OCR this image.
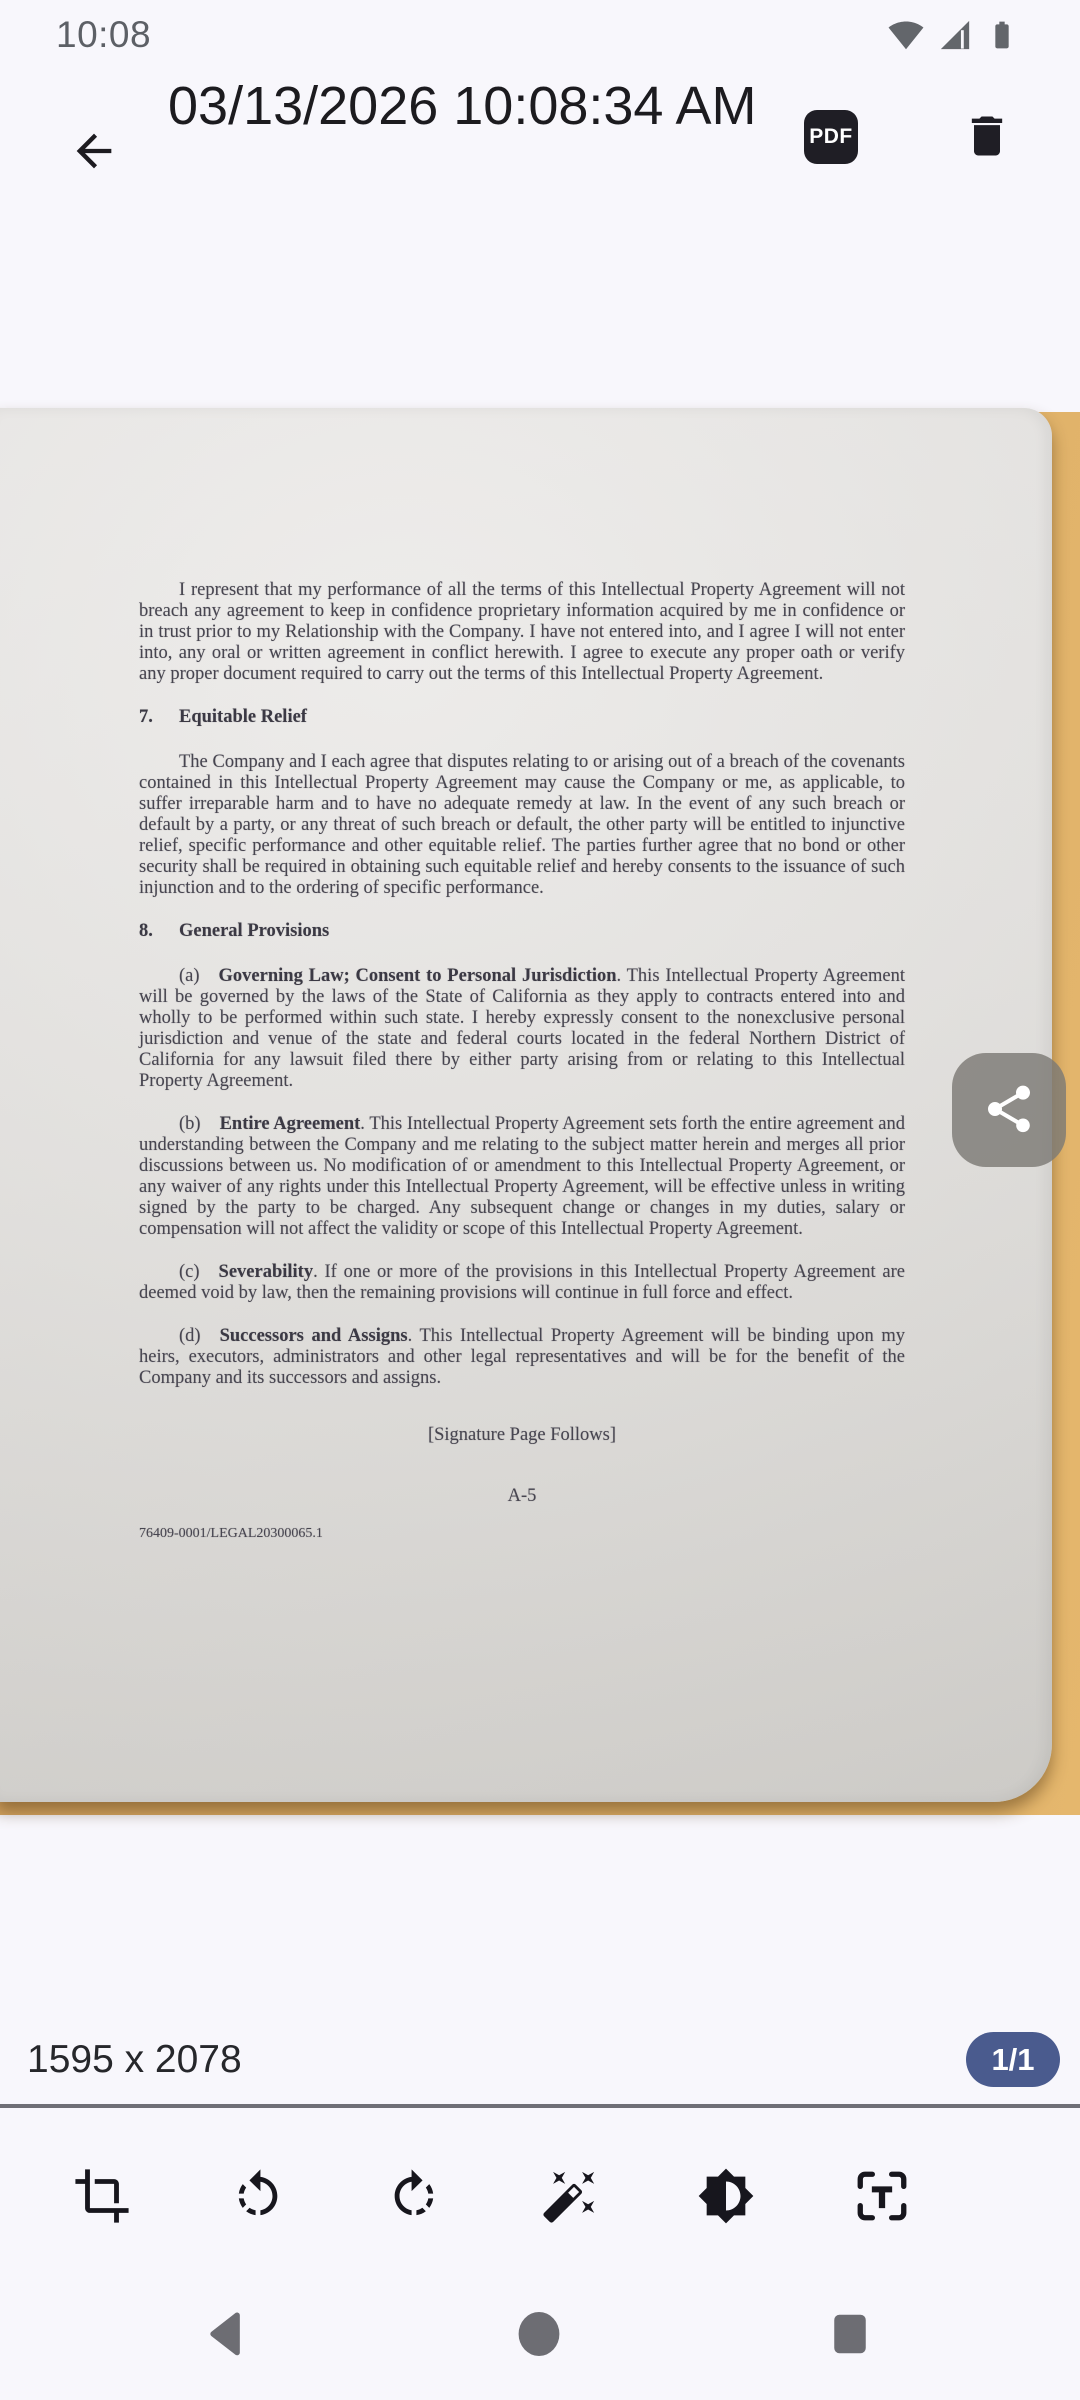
10:08
03/13/2026 10:08:34 AM
PDF

I represent that my performance of all the terms of this Intellectual Property Agreement will not breach any agreement to keep in confidence proprietary information acquired by me in confidence or in trust prior to my Relationship with the Company. I have not entered into, and I agree I will not enter into, any oral or written agreement in conflict herewith. I agree to execute any proper oath or verify any proper document required to carry out the terms of this Intellectual Property Agreement.

7. Equitable Relief

The Company and I each agree that disputes relating to or arising out of a breach of the covenants contained in this Intellectual Property Agreement may cause the Company or me, as applicable, to suffer irreparable harm and to have no adequate remedy at law. In the event of any such breach or default by a party, or any threat of such breach or default, the other party will be entitled to injunctive relief, specific performance and other equitable relief. The parties further agree that no bond or other security shall be required in obtaining such equitable relief and hereby consents to the issuance of such injunction and to the ordering of specific performance.

8. General Provisions

(a) Governing Law; Consent to Personal Jurisdiction. This Intellectual Property Agreement will be governed by the laws of the State of California as they apply to contracts entered into and wholly to be performed within such state. I hereby expressly consent to the nonexclusive personal jurisdiction and venue of the state and federal courts located in the federal Northern District of California for any lawsuit filed there by either party arising from or relating to this Intellectual Property Agreement.

(b) Entire Agreement. This Intellectual Property Agreement sets forth the entire agreement and understanding between the Company and me relating to the subject matter herein and merges all prior discussions between us. No modification of or amendment to this Intellectual Property Agreement, or any waiver of any rights under this Intellectual Property Agreement, will be effective unless in writing signed by the party to be charged. Any subsequent change or changes in my duties, salary or compensation will not affect the validity or scope of this Intellectual Property Agreement.

(c) Severability. If one or more of the provisions in this Intellectual Property Agreement are deemed void by law, then the remaining provisions will continue in full force and effect.

(d) Successors and Assigns. This Intellectual Property Agreement will be binding upon my heirs, executors, administrators and other legal representatives and will be for the benefit of the Company and its successors and assigns.

[Signature Page Follows]

A-5

76409-0001/LEGAL20300065.1

1595 x 2078	1/1
